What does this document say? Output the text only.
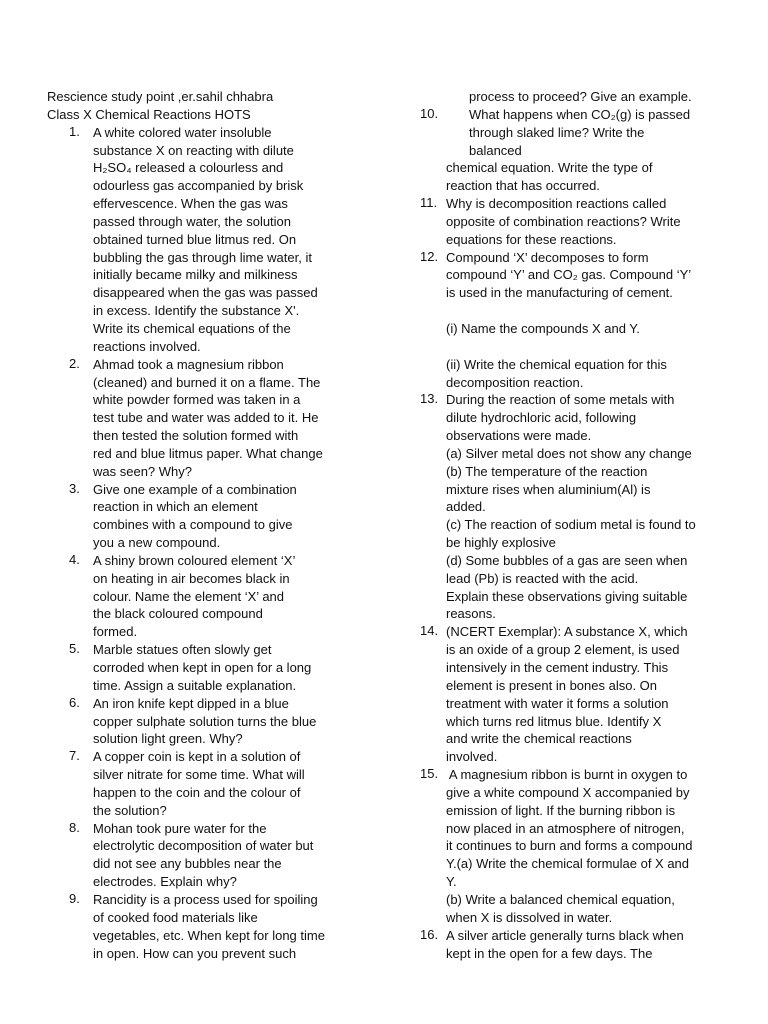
Rescience study point ,er.sahil chhabra
Class X Chemical Reactions HOTS
1. A white colored water insoluble
substance X on reacting with dilute
H₂SO₄ released a colourless and
odourless gas accompanied by brisk
effervescence. When the gas was
passed through water, the solution
obtained turned blue litmus red. On
bubbling the gas through lime water, it
initially became milky and milkiness
disappeared when the gas was passed
in excess. Identify the substance X'.
Write its chemical equations of the
reactions involved.
2. Ahmad took a magnesium ribbon
(cleaned) and burned it on a flame. The
white powder formed was taken in a
test tube and water was added to it. He
then tested the solution formed with
red and blue litmus paper. What change
was seen? Why?
3. Give one example of a combination
reaction in which an element
combines with a compound to give
you a new compound.
4. A shiny brown coloured element ‘X’
on heating in air becomes black in
colour. Name the element ‘X’ and
the black coloured compound
formed.
5. Marble statues often slowly get
corroded when kept in open for a long
time. Assign a suitable explanation.
6. An iron knife kept dipped in a blue
copper sulphate solution turns the blue
solution light green. Why?
7. A copper coin is kept in a solution of
silver nitrate for some time. What will
happen to the coin and the colour of
the solution?
8. Mohan took pure water for the
electrolytic decomposition of water but
did not see any bubbles near the
electrodes. Explain why?
9. Rancidity is a process used for spoiling
of cooked food materials like
vegetables, etc. When kept for long time
in open. How can you prevent such
process to proceed? Give an example.
10.	What happens when CO₂(g) is passed
through slaked lime? Write the
balanced
chemical equation. Write the type of
reaction that has occurred.
11. Why is decomposition reactions called
opposite of combination reactions? Write
equations for these reactions.
12. Compound ‘X’ decomposes to form
compound ‘Y’ and CO₂ gas. Compound ‘Y’
is used in the manufacturing of cement.
(i) Name the compounds X and Y.
(ii) Write the chemical equation for this
decomposition reaction.
13. During the reaction of some metals with
dilute hydrochloric acid, following
observations were made.
(a) Silver metal does not show any change
(b) The temperature of the reaction
mixture rises when aluminium(Al) is
added.
(c) The reaction of sodium metal is found to
be highly explosive
(d) Some bubbles of a gas are seen when
lead (Pb) is reacted with the acid.
Explain these observations giving suitable
reasons.
14. (NCERT Exemplar): A substance X, which
is an oxide of a group 2 element, is used
intensively in the cement industry. This
element is present in bones also. On
treatment with water it forms a solution
which turns red litmus blue. Identify X
and write the chemical reactions
involved.
15. A magnesium ribbon is burnt in oxygen to
give a white compound X accompanied by
emission of light. If the burning ribbon is
now placed in an atmosphere of nitrogen,
it continues to burn and forms a compound
Y.(a) Write the chemical formulae of X and
Y.
(b) Write a balanced chemical equation,
when X is dissolved in water.
16. A silver article generally turns black when
kept in the open for a few days. The
